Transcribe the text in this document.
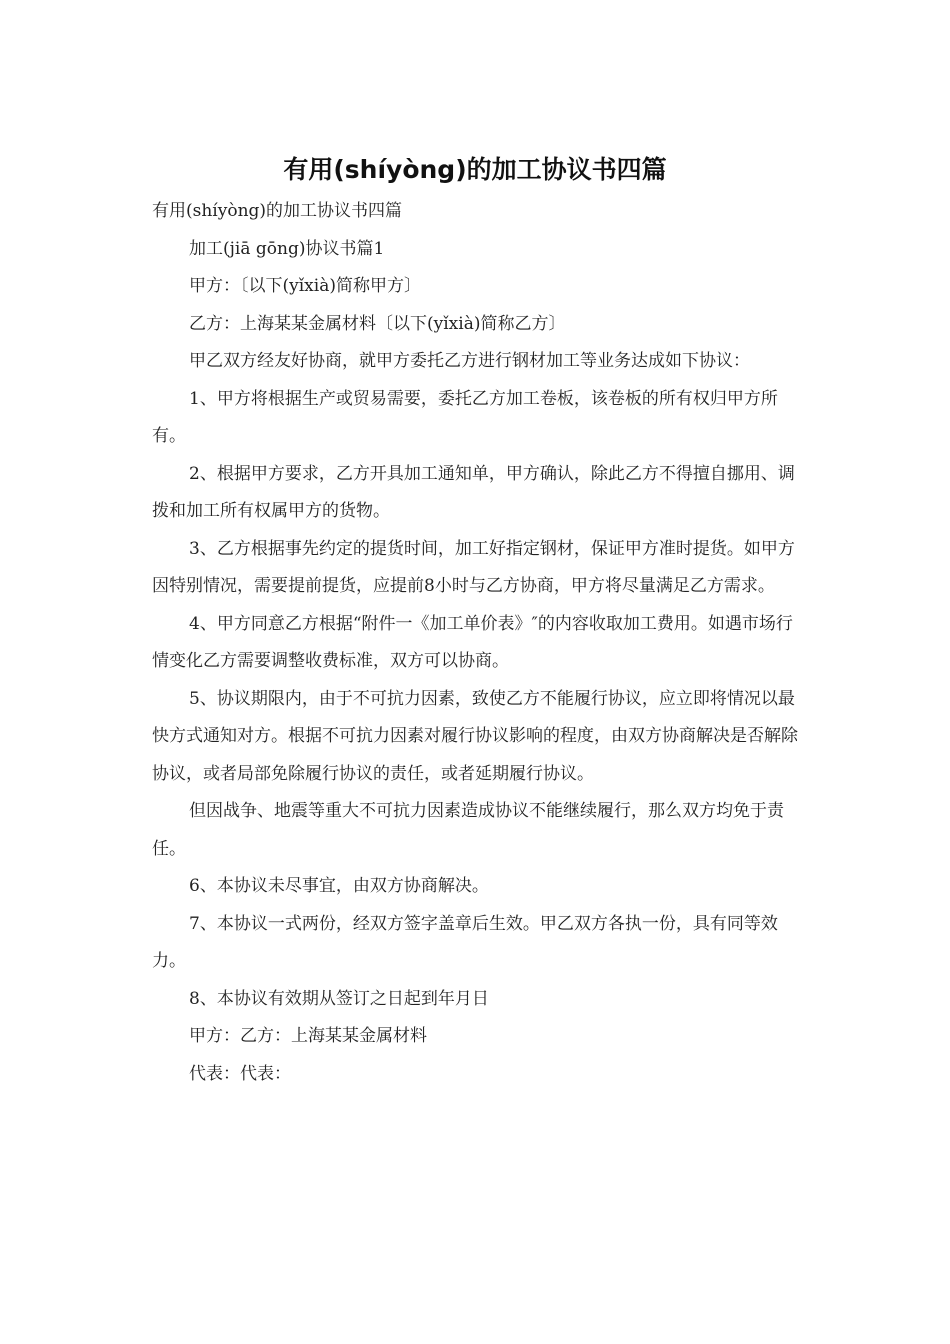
有用(shíyòng)的加工协议书四篇

有用(shíyòng)的加工协议书四篇

加工(jiā gōng)协议书篇1

甲方：〔以下(yǐxià)简称甲方〕

乙方：上海某某金属材料〔以下(yǐxià)简称乙方〕

甲乙双方经友好协商，就甲方委托乙方进行钢材加工等业务达成如下协议：

1、甲方将根据生产或贸易需要，委托乙方加工卷板，该卷板的所有权归甲方所有。

2、根据甲方要求，乙方开具加工通知单，甲方确认，除此乙方不得擅自挪用、调拨和加工所有权属甲方的货物。

3、乙方根据事先约定的提货时间，加工好指定钢材，保证甲方准时提货。如甲方因特别情况，需要提前提货，应提前8小时与乙方协商，甲方将尽量满足乙方需求。

4、甲方同意乙方根据“附件一《加工单价表》″的内容收取加工费用。如遇市场行情变化乙方需要调整收费标准，双方可以协商。

5、协议期限内，由于不可抗力因素，致使乙方不能履行协议，应立即将情况以最快方式通知对方。根据不可抗力因素对履行协议影响的程度，由双方协商解决是否解除协议，或者局部免除履行协议的责任，或者延期履行协议。

但因战争、地震等重大不可抗力因素造成协议不能继续履行，那么双方均免于责任。

6、本协议未尽事宜，由双方协商解决。

7、本协议一式两份，经双方签字盖章后生效。甲乙双方各执一份，具有同等效力。

8、本协议有效期从签订之日起到年月日

甲方：乙方：上海某某金属材料

代表：代表：
